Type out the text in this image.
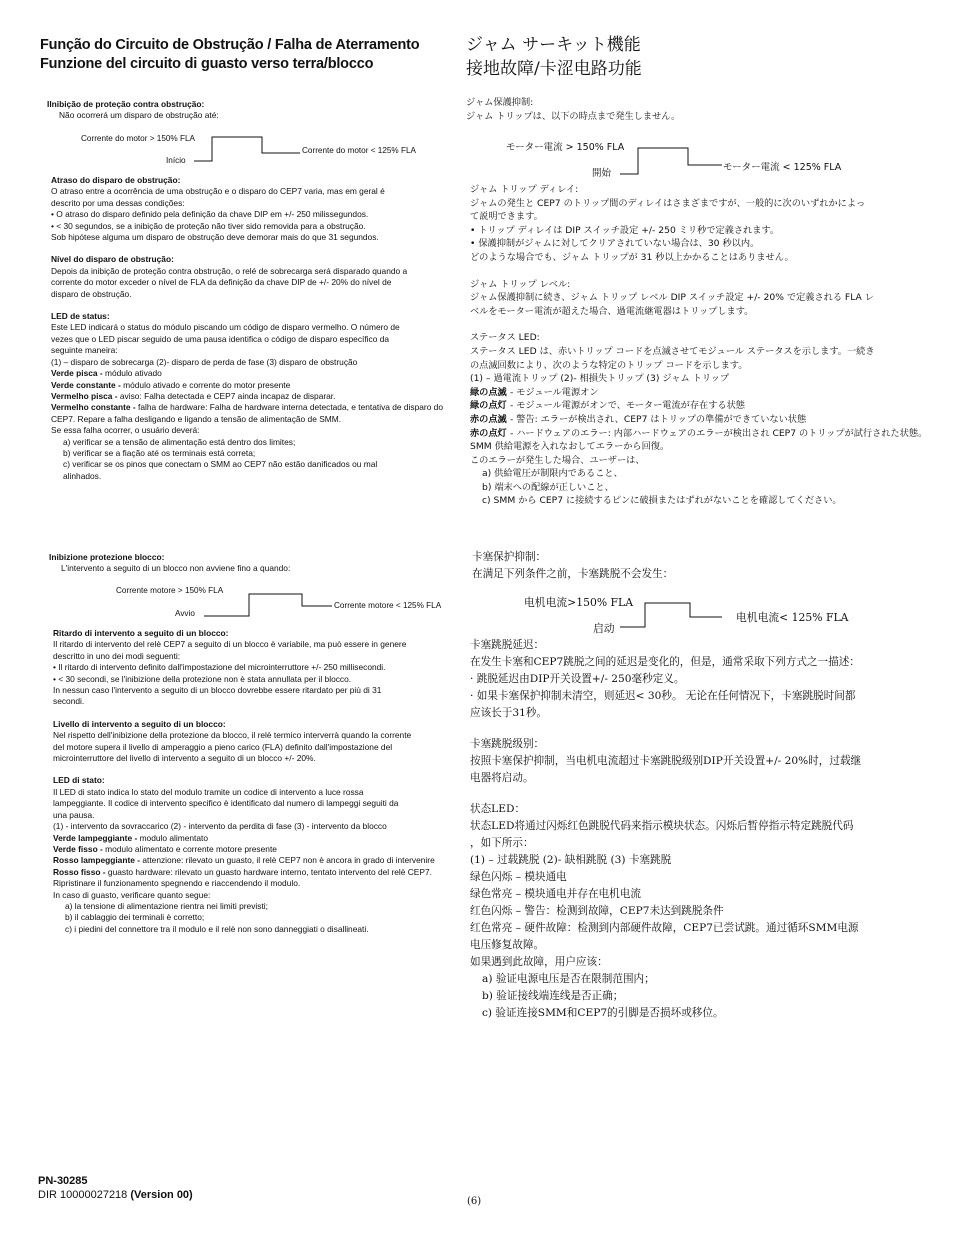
Função do Circuito de Obstrução / Falha de Aterramento
Funzione del circuito di guasto verso terra/blocco
ジャム サーキット機能
接地故障/卡涩电路功能

Ilnibição de proteção contra obstrução:

Não ocorrerá um disparo de obstrução até:

Corrente do motor > 150% FLA
Início
Corrente do motor < 125% FLA

Atraso do disparo de obstrução:

O atraso entre a ocorrência de uma obstrução e o disparo do CEP7 varia, mas em geral é

descrito por uma dessas condições:

• O atraso do disparo definido pela definição da chave DIP em +/- 250 milissegundos.

• < 30 segundos, se a inibição de proteção não tiver sido removida para a obstrução.

Sob hipótese alguma um disparo de obstrução deve demorar mais do que 31 segundos.

Nível do disparo de obstrução:

Depois da inibição de proteção contra obstrução, o relé de sobrecarga será disparado quando a

corrente do motor exceder o nível de FLA da definição da chave DIP de +/- 20% do nível de

disparo de obstrução.

LED de status:

Este LED indicará o status do módulo piscando um código de disparo vermelho. O número de

vezes que o LED piscar seguido de uma pausa identifica o código de disparo específico da

seguinte maneira:

(1) – disparo de sobrecarga (2)- disparo de perda de fase (3) disparo de obstrução

Verde pisca - módulo ativado

Verde constante - módulo ativado e corrente do motor presente

Vermelho pisca - aviso: Falha detectada e CEP7 ainda incapaz de disparar.

Vermelho constante - falha de hardware: Falha de hardware interna detectada, e tentativa de disparo do CEP7. Repare a falha desligando e ligando a tensão de alimentação de SMM.

Se essa falha ocorrer, o usuário deverá:

a) verificar se a tensão de alimentação está dentro dos limites;

b) verificar se a fiação até os terminais está correta;

c) verificar se os pinos que conectam o SMM ao CEP7 não estão danificados ou mal alinhados.

Inibizione protezione blocco:

L'intervento a seguito di un blocco non avviene fino a quando:

Corrente motore > 150% FLA
Avvio
Corrente motore < 125% FLA

Ritardo di intervento a seguito di un blocco:

Il ritardo di intervento del relè CEP7 a seguito di un blocco è variabile, ma può essere in genere

descritto in uno dei modi seguenti:

• Il ritardo di intervento definito dall'impostazione del microinterruttore +/- 250 millisecondi.

• < 30 secondi, se l'inibizione della protezione non è stata annullata per il blocco.

In nessun caso l'intervento a seguito di un blocco dovrebbe essere ritardato per più di 31

secondi.

Livello di intervento a seguito di un blocco:

Nel rispetto dell'inibizione della protezione da blocco, il relè termico interverrà quando la corrente

del motore supera il livello di amperaggio a pieno carico (FLA) definito dall'impostazione del

microinterruttore del livello di intervento a seguito di un blocco +/- 20%.

LED di stato:

Il LED di stato indica lo stato del modulo tramite un codice di intervento a luce rossa

lampeggiante. Il codice di intervento specifico è identificato dal numero di lampeggi seguiti da

una pausa.

(1) - intervento da sovraccarico (2) - intervento da perdita di fase (3) - intervento da blocco

Verde lampeggiante - modulo alimentato

Verde fisso - modulo alimentato e corrente motore presente

Rosso lampeggiante - attenzione: rilevato un guasto, il relè CEP7 non è ancora in grado di intervenire

Rosso fisso - guasto hardware: rilevato un guasto hardware interno, tentato intervento del relè CEP7. Ripristinare il funzionamento spegnendo e riaccendendo il modulo.

In caso di guasto, verificare quanto segue:

a) la tensione di alimentazione rientra nei limiti previsti;

b) il cablaggio dei terminali è corretto;

c) i piedini del connettore tra il modulo e il relè non sono danneggiati o disallineati.

ジャム保護抑制:

ジャム トリップは、以下の時点まで発生しません。

モーター電流 > 150% FLA
開始
モーター電流 < 125% FLA

ジャム トリップ ディレイ:

ジャムの発生と CEP7 のトリップ間のディレイはさまざまですが、一般的に次のいずれかによっ

て説明できます。

• トリップ ディレイは DIP スイッチ設定 +/- 250 ミリ秒で定義されます。

• 保護抑制がジャムに対してクリアされていない場合は、30 秒以内。

どのような場合でも、ジャム トリップが 31 秒以上かかることはありません。

ジャム トリップ レベル:

ジャム保護抑制に続き、ジャム トリップ レベル DIP スイッチ設定 +/- 20% で定義される FLA レ

ベルをモーター電流が超えた場合、過電流継電器はトリップします。

ステータス LED:

ステータス LED は、赤いトリップ コードを点滅させてモジュール ステータスを示します。一続き

の点滅回数により、次のような特定のトリップ コードを示します。

(1) – 過電流トリップ (2)- 相損失トリップ (3) ジャム トリップ

緑の点滅 - モジュール電源オン

緑の点灯 - モジュール電源がオンで、モーター電流が存在する状態

赤の点滅 - 警告: エラーが検出され、CEP7 はトリップの準備ができていない状態

赤の点灯 - ハードウェアのエラー: 内部ハードウェアのエラーが検出され CEP7 のトリップが試行された状態。SMM 供給電源を入れなおしてエラーから回復。

このエラーが発生した場合、ユーザーは、

a) 供給電圧が制限内であること、

b) 端末への配線が正しいこと、

c) SMM から CEP7 に接続するピンに破損またはずれがないことを確認してください。

卡塞保护抑制：

在满足下列条件之前，卡塞跳脱不会发生：

电机电流>150% FLA
启动
电机电流< 125% FLA

卡塞跳脱延迟：

在发生卡塞和CEP7跳脱之间的延迟是变化的，但是，通常采取下列方式之一描述：

· 跳脱延迟由DIP开关设置+/- 250毫秒定义。

· 如果卡塞保护抑制未清空，则延迟< 30秒。 无论在任何情况下，卡塞跳脱时间都

应该长于31秒。

卡塞跳脱级别：

按照卡塞保护抑制，当电机电流超过卡塞跳脱级别DIP开关设置+/- 20%时，过载继

电器将启动。

状态LED：

状态LED将通过闪烁红色跳脱代码来指示模块状态。闪烁后暂停指示特定跳脱代码

，如下所示：

(1) – 过载跳脱 (2)- 缺相跳脱 (3) 卡塞跳脱

绿色闪烁 – 模块通电

绿色常亮 – 模块通电并存在电机电流

红色闪烁 – 警告：检测到故障，CEP7未达到跳脱条件

红色常亮 – 硬件故障：检测到内部硬件故障，CEP7已尝试跳。通过循环SMM电源

电压修复故障。

如果遇到此故障，用户应该：

a) 验证电源电压是否在限制范围内；

b) 验证接线端连线是否正确；

c) 验证连接SMM和CEP7的引脚是否损坏或移位。

PN-30285
DIR 10000027218 (Version 00)
(6)
